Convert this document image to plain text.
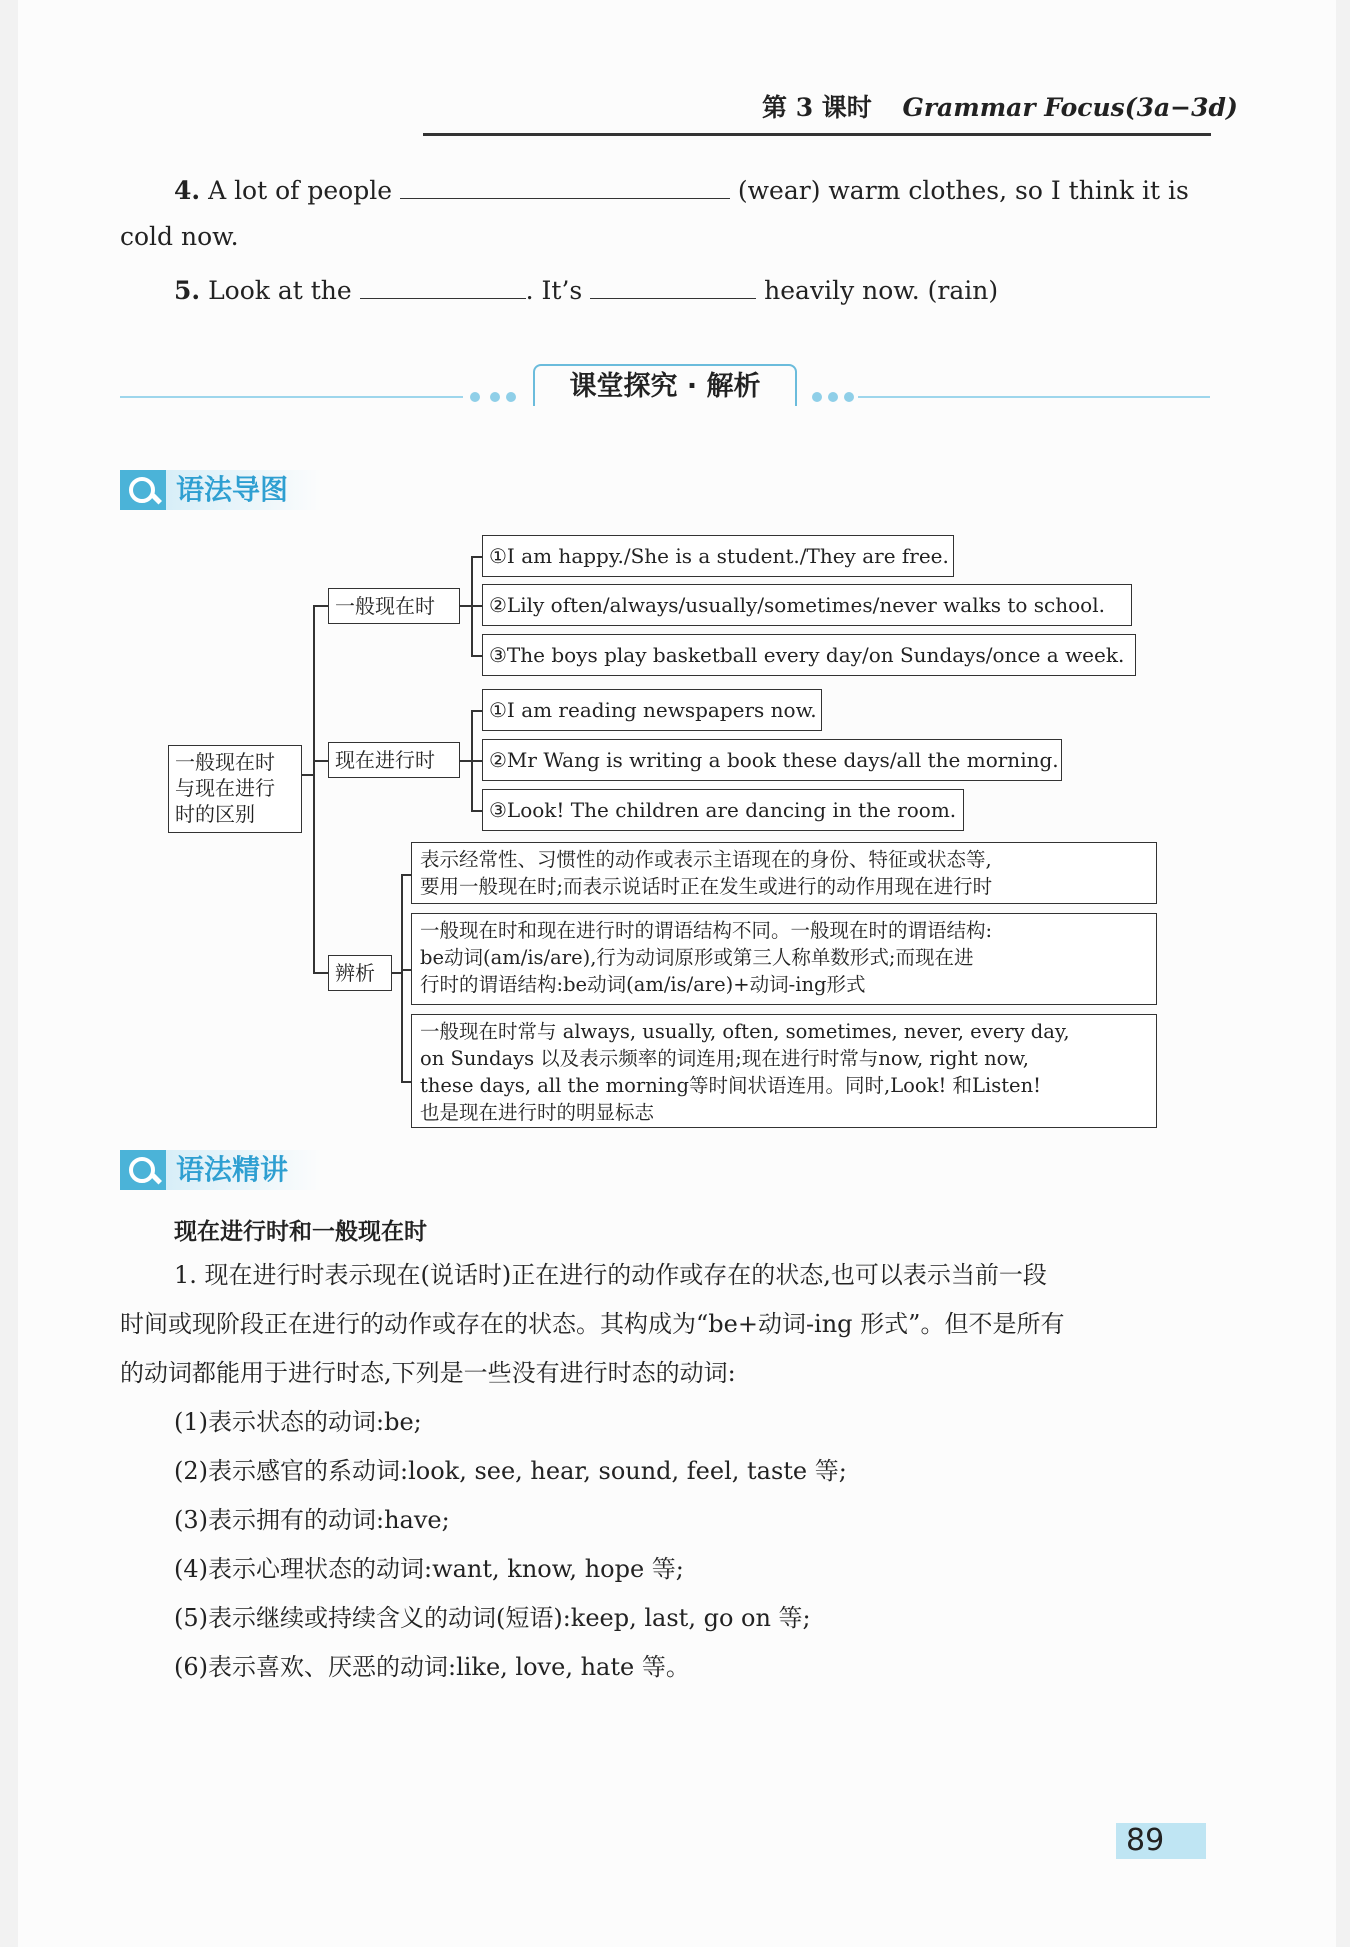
第 3 课时 Grammar Focus(3a−3d)
4. A lot of people	(wear) warm clothes, so I think it is
cold now.
5. Look at the	. It’s	heavily now. (rain)
课堂探究 · 解析
语法导图
一般现在时
与现在进行
时的区别
一般现在时
现在进行时
辨析
①I am happy./She is a student./They are free.
②Lily often/always/usually/sometimes/never walks to school.
③The boys play basketball every day/on Sundays/once a week.
①I am reading newspapers now.
②Mr Wang is writing a book these days/all the morning.
③Look! The children are dancing in the room.
表示经常性、习惯性的动作或表示主语现在的身份、特征或状态等,
要用一般现在时;而表示说话时正在发生或进行的动作用现在进行时
一般现在时和现在进行时的谓语结构不同。一般现在时的谓语结构:
be动词(am/is/are),行为动词原形或第三人称单数形式;而现在进
行时的谓语结构:be动词(am/is/are)+动词-ing形式
一般现在时常与 always, usually, often, sometimes, never, every day,
on Sundays 以及表示频率的词连用;现在进行时常与now, right now,
these days, all the morning等时间状语连用。同时,Look! 和Listen!
也是现在进行时的明显标志
语法精讲
现在进行时和一般现在时
1. 现在进行时表示现在(说话时)正在进行的动作或存在的状态,也可以表示当前一段
时间或现阶段正在进行的动作或存在的状态。其构成为“be+动词-ing 形式”。但不是所有
的动词都能用于进行时态,下列是一些没有进行时态的动词:
(1)表示状态的动词:be;
(2)表示感官的系动词:look, see, hear, sound, feel, taste 等;
(3)表示拥有的动词:have;
(4)表示心理状态的动词:want, know, hope 等;
(5)表示继续或持续含义的动词(短语):keep, last, go on 等;
(6)表示喜欢、厌恶的动词:like, love, hate 等。
89
